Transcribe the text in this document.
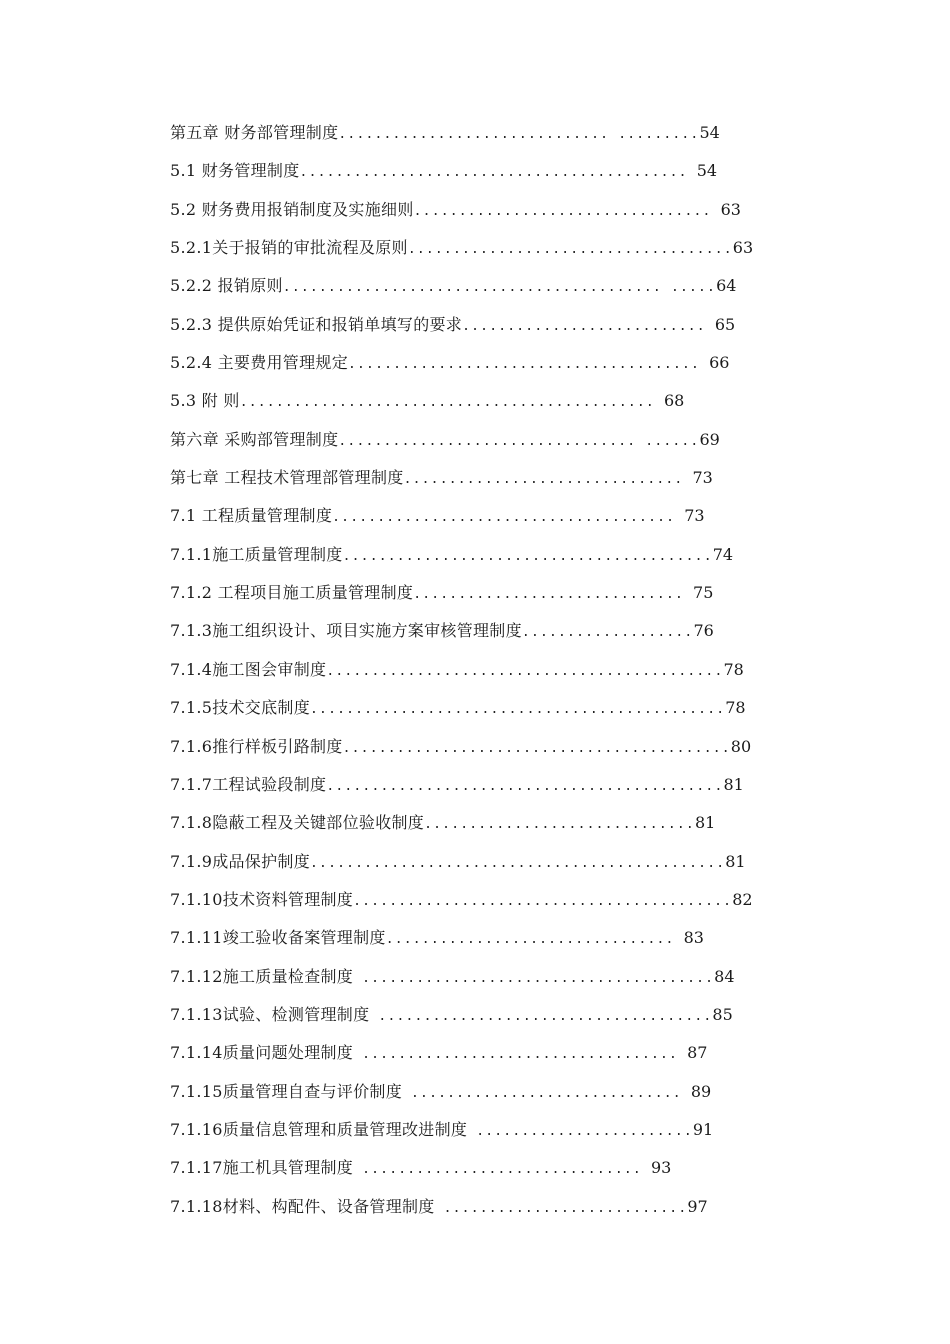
第五章 财务部管理制度.............................. .........54
5.1 财务管理制度........................................... 54
5.2 财务费用报销制度及实施细则................................. 63
5.2.1关于报销的审批流程及原则....................................63
5.2.2 报销原则.......................................... .....64
5.2.3 提供原始凭证和报销单填写的要求........................... 65
5.2.4 主要费用管理规定....................................... 66
5.3 附 则.............................................. 68
第六章 采购部管理制度................................. ......69
第七章 工程技术管理部管理制度............................... 73
7.1 工程质量管理制度...................................... 73
7.1.1施工质量管理制度.........................................74
7.1.2 工程项目施工质量管理制度.............................. 75
7.1.3施工组织设计、项目实施方案审核管理制度...................76
7.1.4施工图会审制度............................................78
7.1.5技术交底制度..............................................78
7.1.6推行样板引路制度...........................................80
7.1.7工程试验段制度............................................81
7.1.8隐蔽工程及关键部位验收制度..............................81
7.1.9成品保护制度..............................................81
7.1.10技术资料管理制度..........................................82
7.1.11竣工验收备案管理制度................................ 83
7.1.12施工质量检查制度 .......................................84
7.1.13试验、检测管理制度 .....................................85
7.1.14质量问题处理制度 ................................... 87
7.1.15质量管理自查与评价制度 .............................. 89
7.1.16质量信息管理和质量管理改进制度 ........................91
7.1.17施工机具管理制度 ............................... 93
7.1.18材料、构配件、设备管理制度 ...........................97
